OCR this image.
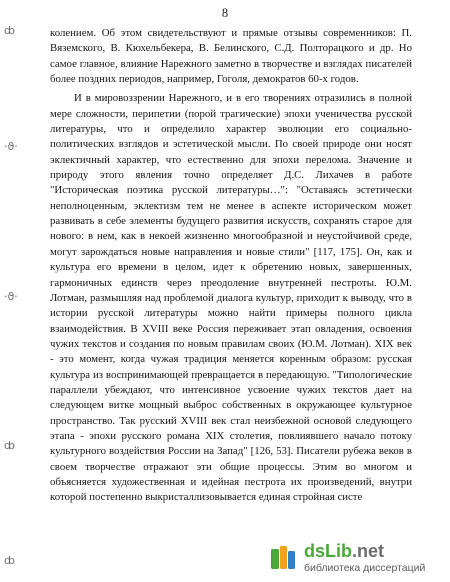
8
ȸ
·ϑ·
·ϑ·
ȸ
ȸ

колением. Об этом свидетельствуют и прямые отзывы современников: П. Вяземского, В. Кюхельбекера, В. Белинского, С.Д. Полторацкого и др. Но самое главное, влияние Нарежного заметно в творчестве и взглядах писателей более поздних периодов, например, Гоголя, демократов 60-х годов.

И в мировоззрении Нарежного, и в его творениях отразились в полной мере сложности, перипетии (порой трагические) эпохи ученичества русской литературы, что и определило характер эволюции его социально-политических взглядов и эстетической мысли. По своей природе они носят эклектичный характер, что естественно для эпохи перелома. Значение и природу этого явления точно определяет Д.С. Лихачев в работе "Историческая поэтика русской литературы…": "Оставаясь эстетически неполноценным, эклектизм тем не менее в аспекте историческом может развивать в себе элементы будущего развития искусств, сохранять старое для нового: в нем, как в некоей жизненно многообразной и неустойчивой среде, могут зарождаться новые направления и новые стили" [117, 175]. Он, как и культура его времени в целом, идет к обретению новых, завершенных, гармоничных единств через преодоление внутренней пестроты. Ю.М. Лотман, размышляя над проблемой диалога культур, приходит к выводу, что в истории русской литературы можно найти примеры полного цикла взаимодействия. В XVIII веке Россия переживает этап овладения, освоения чужих текстов и создания по новым правилам своих (Ю.М. Лотман). XIX век - это момент, когда чужая традиция меняется коренным образом: русская культура из воспринимающей превращается в передающую. "Типологические параллели убеждают, что интенсивное усвоение чужих текстов дает на следующем витке мощный выброс собственных в окружающее культурное пространство. Так русский XVIII век стал неизбежной основой следующего этапа - эпохи русского романа XIX столетия, повлиявшего начало потоку культурного воздействия России на Запад" [126, 53]. Писатели рубежа веков в своем творчестве отражают эти общие процессы. Этим во многом и объясняется художественная и идейная пестрота их произведений, внутри которой постепенно выкристаллизовывается единая стройная систе

dsLib.net
библиотека диссертаций
